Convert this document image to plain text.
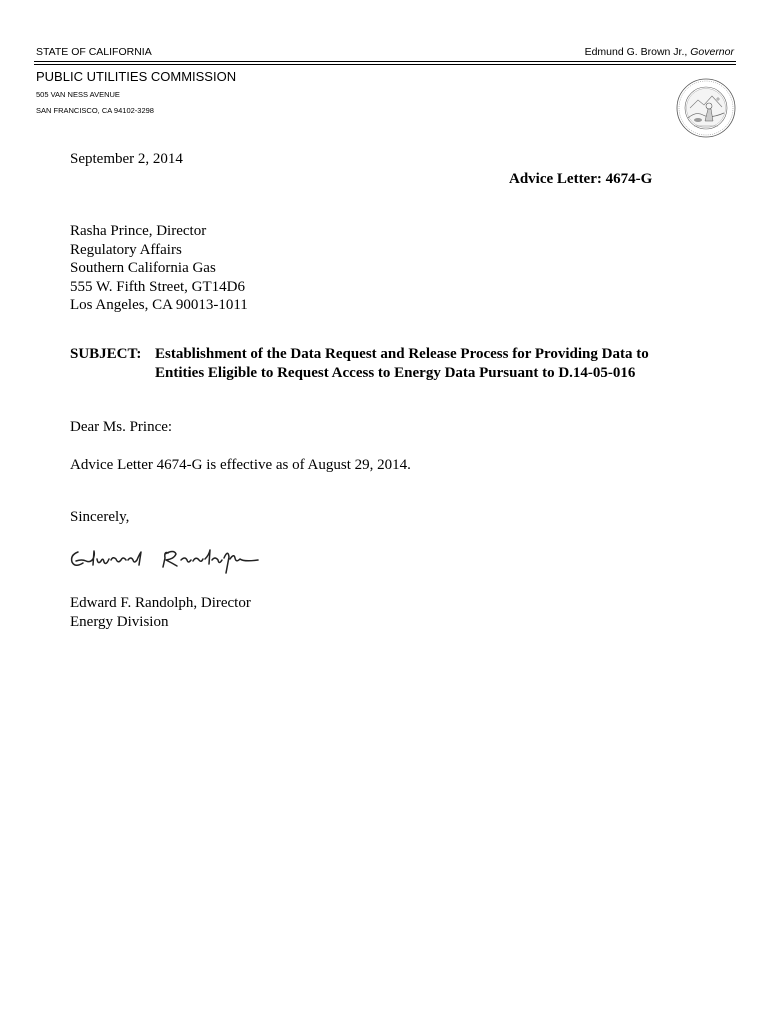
STATE OF CALIFORNIA	Edmund G. Brown Jr., Governor
PUBLIC UTILITIES COMMISSION
505 VAN NESS AVENUE
SAN FRANCISCO, CA 94102-3298
September 2, 2014
Advice Letter: 4674-G
Rasha Prince, Director
Regulatory Affairs
Southern California Gas
555 W. Fifth Street, GT14D6
Los Angeles, CA 90013-1011
SUBJECT: Establishment of the Data Request and Release Process for Providing Data to Entities Eligible to Request Access to Energy Data Pursuant to D.14-05-016
Dear Ms. Prince:
Advice Letter 4674-G is effective as of August 29, 2014.
Sincerely,
Edward F. Randolph, Director
Energy Division
